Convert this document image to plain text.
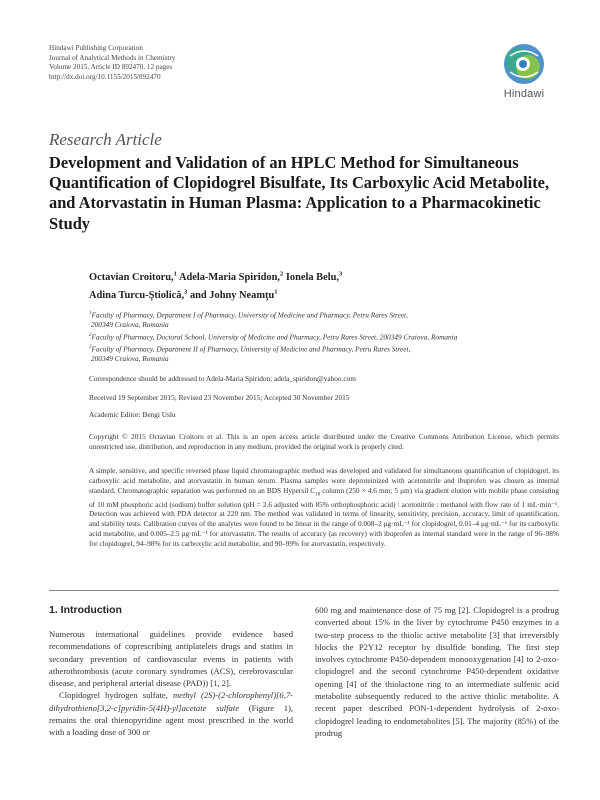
Hindawi Publishing Corporation
Journal of Analytical Methods in Chemistry
Volume 2015, Article ID 892470, 12 pages
http://dx.doi.org/10.1155/2015/892470
Hindawi
Research Article
Development and Validation of an HPLC Method for Simultaneous Quantification of Clopidogrel Bisulfate, Its Carboxylic Acid Metabolite, and Atorvastatin in Human Plasma: Application to a Pharmacokinetic Study
Octavian Croitoru,$^1$ Adela-Maria Spiridon,$^2$ Ionela Belu,$^3$
Adina Turcu-Ştiolică,$^3$ and Johny Neamţu$^1$
$^1$Faculty of Pharmacy, Department I of Pharmacy, University of Medicine and Pharmacy, Petru Rares Street,
200349 Craiova, Romania
$^2$Faculty of Pharmacy, Doctoral School, University of Medicine and Pharmacy, Petru Rares Street, 200349 Craiova, Romania
$^3$Faculty of Pharmacy, Department II of Pharmacy, University of Medicine and Pharmacy, Petru Rares Street,
200349 Craiova, Romania
Correspondence should be addressed to Adela-Maria Spiridon; adela_spiridon@yahoo.com
Received 19 September 2015; Revised 23 November 2015; Accepted 30 November 2015
Academic Editor: Bengi Uslu
Copyright © 2015 Octavian Croitoru et al. This is an open access article distributed under the Creative Commons Attribution License, which permits unrestricted use, distribution, and reproduction in any medium, provided the original work is properly cited.
A simple, sensitive, and specific reversed phase liquid chromatographic method was developed and validated for simultaneous quantification of clopidogrel, its carboxylic acid metabolite, and atorvastatin in human serum. Plasma samples were deproteinized with acetonitrile and ibuprofen was chosen as internal standard. Chromatographic separation was performed on an BDS Hypersil $C_{18}$ column (250 × 4.6 mm; 5 μm) via gradient elution with mobile phase consisting of 10 mM phosphoric acid (sodium) buffer solution (pH = 2.6 adjusted with 85% orthophosphoric acid) : acetonitrile : methanol with flow rate of 1 mL·min⁻¹. Detection was achieved with PDA detector at 220 nm. The method was validated in terms of linearity, sensitivity, precision, accuracy, limit of quantification, and stability tests. Calibration curves of the analytes were found to be linear in the range of 0.008–2 μg·mL⁻¹ for clopidogrel, 0.01–4 μg·mL⁻¹ for its carboxylic acid metabolite, and 0.005–2.5 μg·mL⁻¹ for atorvastatin. The results of accuracy (as recovery) with ibuprofen as internal standard were in the range of 96–98% for clopidogrel, 94–98% for its carboxylic acid metabolite, and 90–99% for atorvastatin, respectively.
1. Introduction

Numerous international guidelines provide evidence based recommendations of coprescribing antiplatelets drugs and statins in secondary prevention of cardiovascular events in patients with atherothrombosis (acute coronary syndromes (ACS), cerebrovascular disease, and peripheral arterial disease (PAD)) [1, 2].

Clopidogrel hydrogen sulfate, methyl (2S)-(2-chlorophenyl)[6,7-dihydrothieno[3,2-c]pyridin-5(4H)-yl]acetate sulfate (Figure 1), remains the oral thienopyridine agent most prescribed in the world with a loading dose of 300 or

600 mg and maintenance dose of 75 mg [2]. Clopidogrel is a prodrug converted about 15% in the liver by cytochrome P450 enzymes in a two-step process to the thiolic active metabolite [3] that irreversibly blocks the P2Y12 receptor by disulfide bonding. The first step involves cytochrome P450-dependent monooxygenation [4] to 2-oxo-clopidogrel and the second cytochrome P450-dependent oxidative opening [4] of the thiolactone ring to an intermediate sulfenic acid metabolite subsequently reduced to the active thiolic metabolite. A recent paper described PON-1-dependent hydrolysis of 2-oxo-clopidogrel leading to endometabolites [5]. The majority (85%) of the prodrug
